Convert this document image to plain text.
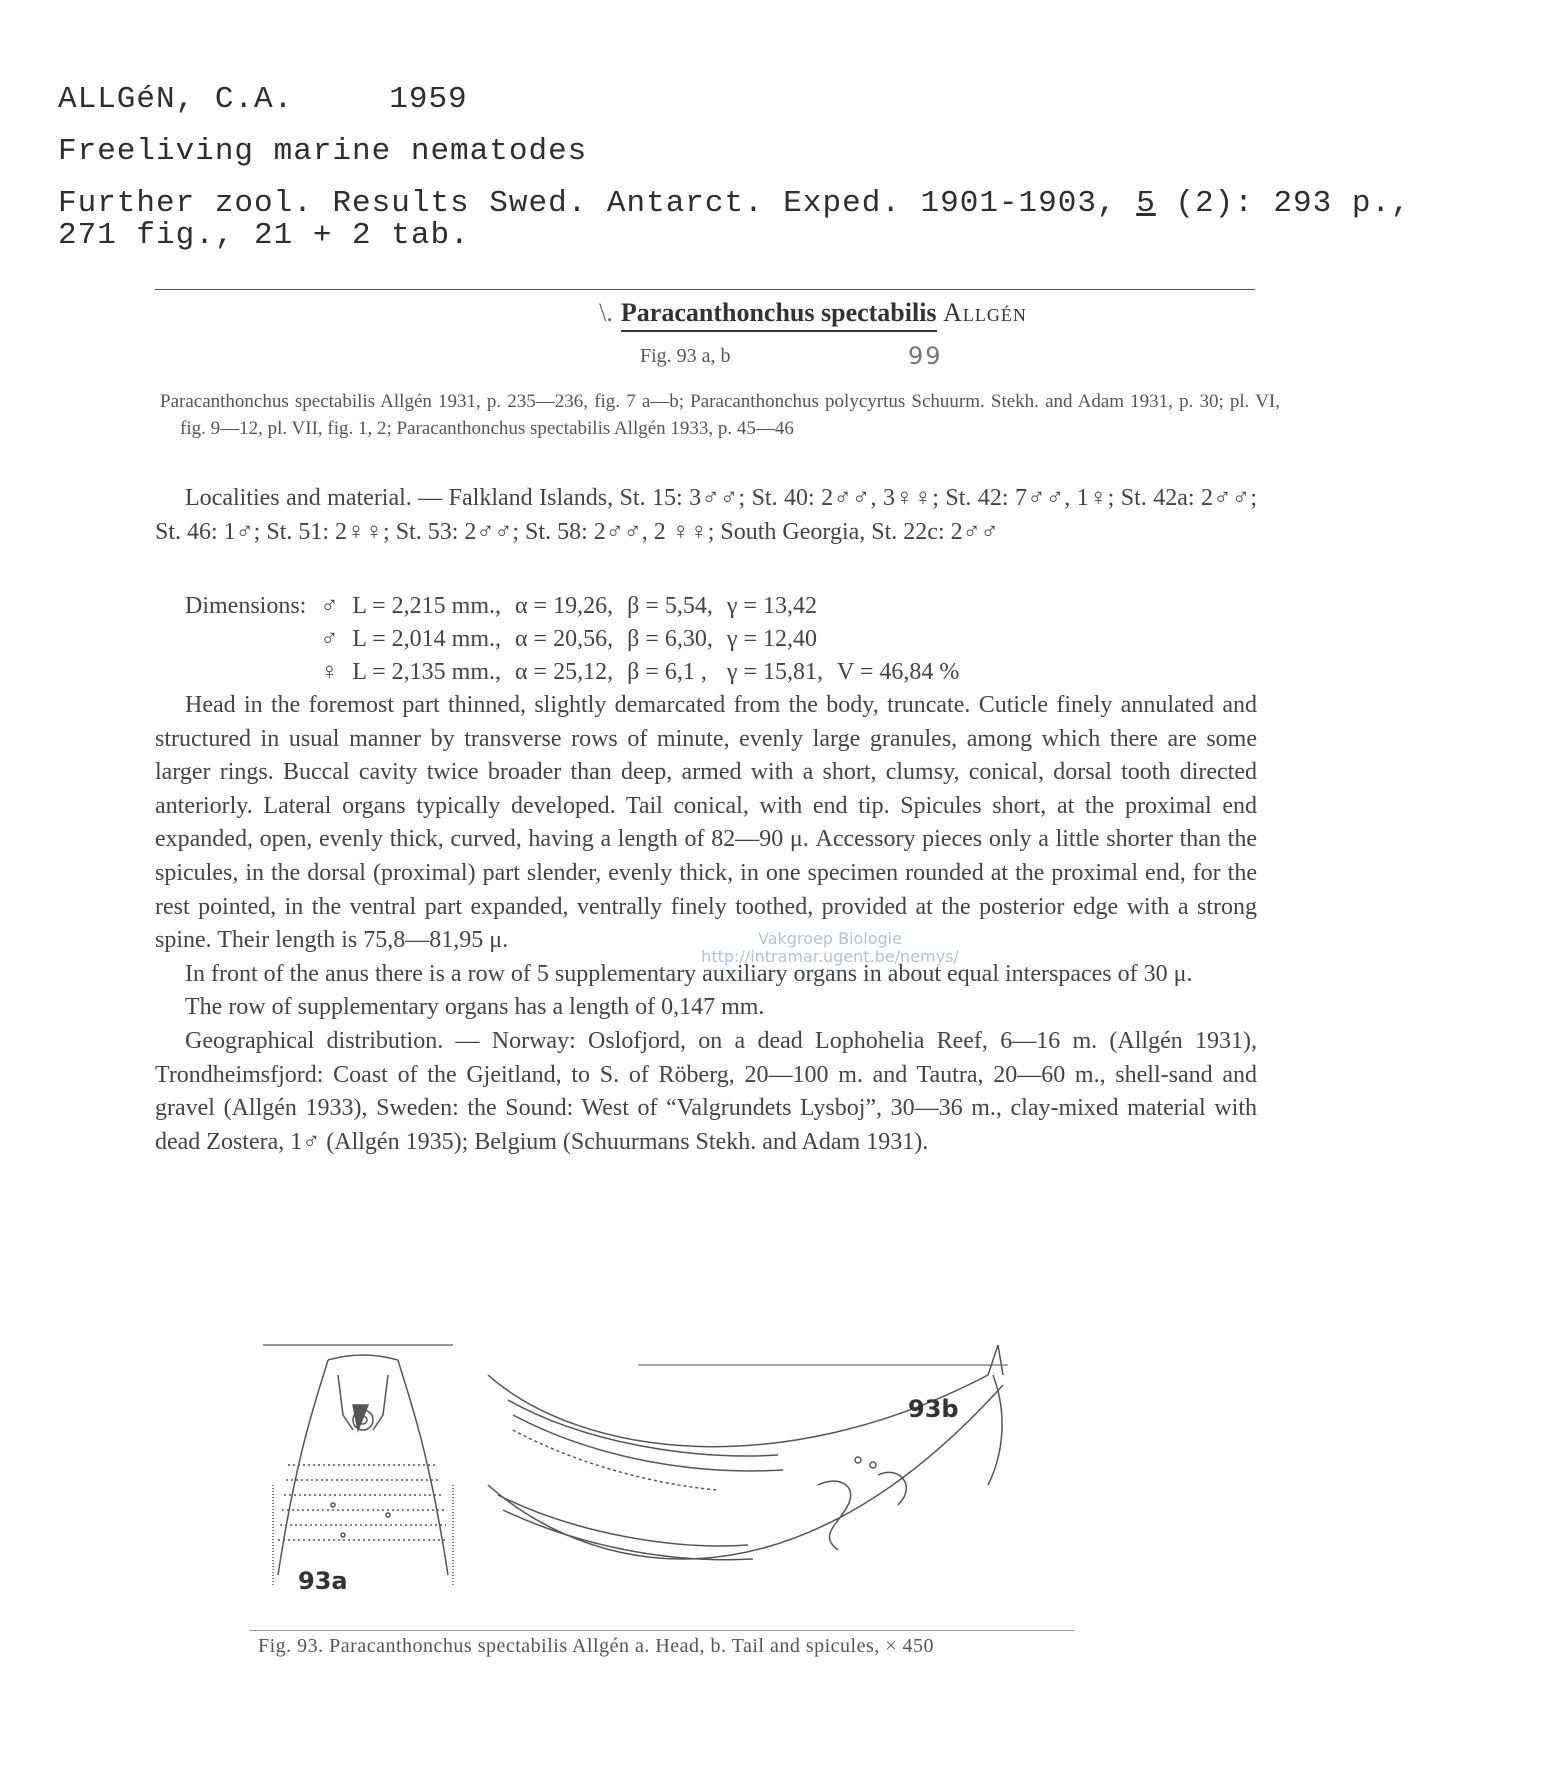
ALLGéN, C.A.	1959
Freeliving marine nematodes
Further zool. Results Swed. Antarct. Exped. 1901-1903, 5 (2): 293 p.,
271 fig., 21 + 2 tab.
\. Paracanthonchus spectabilis Allgén
Fig. 93 a, b	99
Paracanthonchus spectabilis Allgén 1931, p. 235—236, fig. 7 a—b; Paracanthonchus polycyrtus Schuurm. Stekh. and Adam 1931, p. 30; pl. VI, fig. 9—12, pl. VII, fig. 1, 2; Paracanthonchus spectabilis Allgén 1933, p. 45—46

Localities and material. — Falkland Islands, St. 15: 3♂♂; St. 40: 2♂♂, 3♀♀; St. 42: 7♂♂, 1♀; St. 42a: 2♂♂; St. 46: 1♂; St. 51: 2♀♀; St. 53: 2♂♂; St. 58: 2♂♂, 2 ♀♀; South Georgia, St. 22c: 2♂♂

Dimensions:	♂	L = 2,215 mm.,	α = 19,26,	β = 5,54,	γ = 13,42	
	♂	L = 2,014 mm.,	α = 20,56,	β = 6,30,	γ = 12,40	
	♀	L = 2,135 mm.,	α = 25,12,	β = 6,1 ,	γ = 15,81,	V = 46,84 %

Head in the foremost part thinned, slightly demarcated from the body, truncate. Cuticle finely annulated and structured in usual manner by transverse rows of minute, evenly large granules, among which there are some larger rings. Buccal cavity twice broader than deep, armed with a short, clumsy, conical, dorsal tooth directed anteriorly. Lateral organs typically developed. Tail conical, with end tip. Spicules short, at the proximal end expanded, open, evenly thick, curved, having a length of 82—90 μ. Accessory pieces only a little shorter than the spicules, in the dorsal (proximal) part slender, evenly thick, in one specimen rounded at the proximal end, for the rest pointed, in the ventral part expanded, ventrally finely toothed, provided at the posterior edge with a strong spine. Their length is 75,8—81,95 μ.

In front of the anus there is a row of 5 supplementary auxiliary organs in about equal interspaces of 30 μ.

The row of supplementary organs has a length of 0,147 mm.

Geographical distribution. — Norway: Oslofjord, on a dead Lophohelia Reef, 6—16 m. (Allgén 1931), Trondheimsfjord: Coast of the Gjeitland, to S. of Röberg, 20—100 m. and Tautra, 20—60 m., shell-sand and gravel (Allgén 1933), Sweden: the Sound: West of “Valgrundets Lysboj”, 30—36 m., clay-mixed material with dead Zostera, 1♂ (Allgén 1935); Belgium (Schuurmans Stekh. and Adam 1931).

Vakgroep Biologie
http://intramar.ugent.be/nemys/
93a
93b
Fig. 93. Paracanthonchus spectabilis Allgén a. Head, b. Tail and spicules, × 450
